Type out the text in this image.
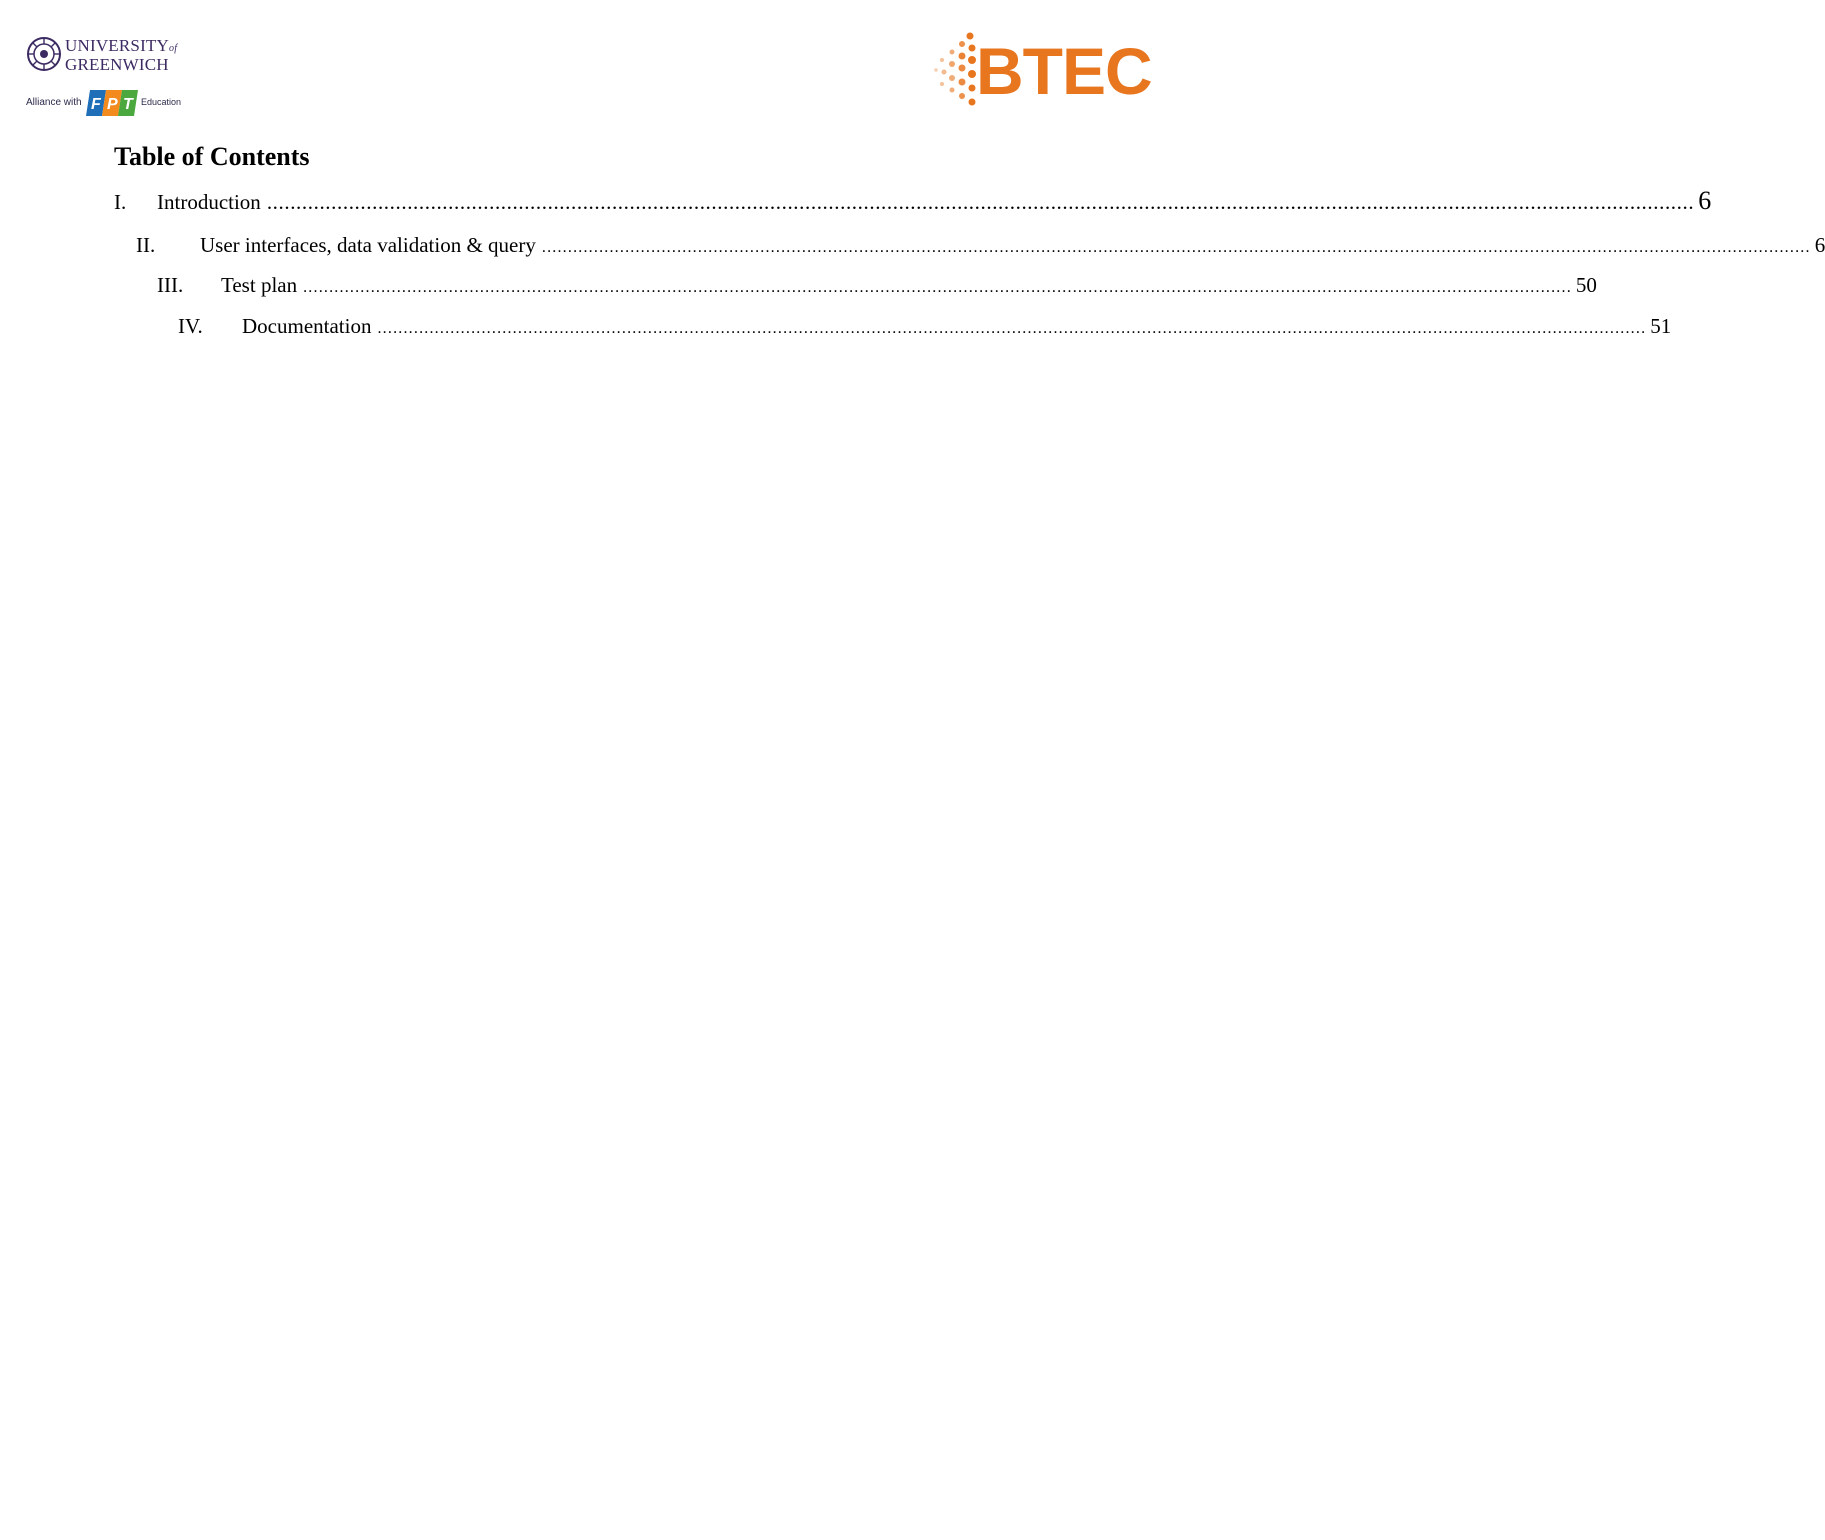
UNIVERSITYof
GREENWICH
Alliance with F P T Education	BTEC
Table of Contents
I.	Introduction .................................................................................................................................................................................................................................................... 6
II.	User interfaces, data validation & query .................................................................................................................................................................................................................................................... 6
III.	Test plan .................................................................................................................................................................................................................................................... 50
IV.	Documentation .................................................................................................................................................................................................................................................... 51
